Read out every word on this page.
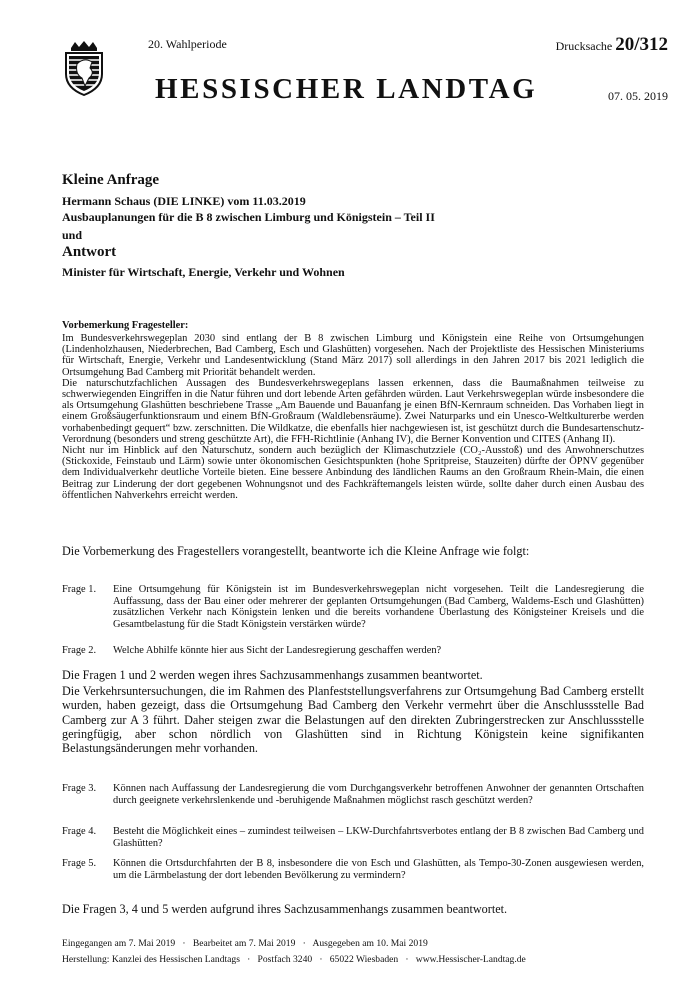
20. Wahlperiode	Drucksache 20/312
HESSISCHER LANDTAG	07. 05. 2019
Kleine Anfrage
Hermann Schaus (DIE LINKE) vom 11.03.2019
Ausbauplanungen für die B 8 zwischen Limburg und Königstein – Teil II
und
Antwort
Minister für Wirtschaft, Energie, Verkehr und Wohnen
Vorbemerkung Fragesteller:

Im Bundesverkehrswegeplan 2030 sind entlang der B 8 zwischen Limburg und Königstein eine Reihe von Ortsumgehungen (Lindenholzhausen, Niederbrechen, Bad Camberg, Esch und Glashütten) vorgesehen. Nach der Projektliste des Hessischen Ministeriums für Wirtschaft, Energie, Verkehr und Landesentwicklung (Stand März 2017) soll allerdings in den Jahren 2017 bis 2021 lediglich die Ortsumgehung Bad Camberg mit Priorität behandelt werden.

Die naturschutzfachlichen Aussagen des Bundesverkehrswegeplans lassen erkennen, dass die Baumaßnahmen teilweise zu schwerwiegenden Eingriffen in die Natur führen und dort lebende Arten gefährden würden. Laut Verkehrswegeplan würde insbesondere die als Ortsumgehung Glashütten beschriebene Trasse „Am Bauende und Bauanfang je einen BfN-Kernraum schneiden. Das Vorhaben liegt in einem Großsäugerfunktionsraum und einem BfN-Großraum (Waldlebensräume). Zwei Naturparks und ein Unesco-Weltkulturerbe werden vorhabenbedingt gequert“ bzw. zerschnitten. Die Wildkatze, die ebenfalls hier nachgewiesen ist, ist geschützt durch die Bundesartenschutz-Verordnung (besonders und streng geschützte Art), die FFH-Richtlinie (Anhang IV), die Berner Konvention und CITES (Anhang II).

Nicht nur im Hinblick auf den Naturschutz, sondern auch bezüglich der Klimaschutzziele (CO₂-Ausstoß) und des Anwohnerschutzes (Stickoxide, Feinstaub und Lärm) sowie unter ökonomischen Gesichtspunkten (hohe Spritpreise, Stauzeiten) dürfte der ÖPNV gegenüber dem Individualverkehr deutliche Vorteile bieten. Eine bessere Anbindung des ländlichen Raums an den Großraum Rhein-Main, die einen Beitrag zur Linderung der dort gegebenen Wohnungsnot und des Fachkräftemangels leisten würde, sollte daher durch einen Ausbau des öffentlichen Nahverkehrs erreicht werden.

Die Vorbemerkung des Fragestellers vorangestellt, beantworte ich die Kleine Anfrage wie folgt:

Frage 1. Eine Ortsumgehung für Königstein ist im Bundesverkehrswegeplan nicht vorgesehen. Teilt die Landesregierung die Auffassung, dass der Bau einer oder mehrerer der geplanten Ortsumgehungen (Bad Camberg, Waldems-Esch und Glashütten) zusätzlichen Verkehr nach Königstein lenken und die bereits vorhandene Überlastung des Königsteiner Kreisels und die Gesamtbelastung für die Stadt Königstein verstärken würde?

Frage 2. Welche Abhilfe könnte hier aus Sicht der Landesregierung geschaffen werden?

Die Fragen 1 und 2 werden wegen ihres Sachzusammenhangs zusammen beantwortet.

Die Verkehrsuntersuchungen, die im Rahmen des Planfeststellungsverfahrens zur Ortsumgehung Bad Camberg erstellt wurden, haben gezeigt, dass die Ortsumgehung Bad Camberg den Verkehr vermehrt über die Anschlussstelle Bad Camberg zur A 3 führt. Daher steigen zwar die Belastungen auf den direkten Zubringerstrecken zur Anschlussstelle geringfügig, aber schon nördlich von Glashütten sind in Richtung Königstein keine signifikanten Belastungsänderungen mehr vorhanden.

Frage 3. Können nach Auffassung der Landesregierung die vom Durchgangsverkehr betroffenen Anwohner der genannten Ortschaften durch geeignete verkehrslenkende und -beruhigende Maßnahmen möglichst rasch geschützt werden?

Frage 4. Besteht die Möglichkeit eines – zumindest teilweisen – LKW-Durchfahrtsverbotes entlang der B 8 zwischen Bad Camberg und Glashütten?

Frage 5. Können die Ortsdurchfahrten der B 8, insbesondere die von Esch und Glashütten, als Tempo-30-Zonen ausgewiesen werden, um die Lärmbelastung der dort lebenden Bevölkerung zu vermindern?

Die Fragen 3, 4 und 5 werden aufgrund ihres Sachzusammenhangs zusammen beantwortet.

Eingegangen am 7. Mai 2019   ·   Bearbeitet am 7. Mai 2019   ·   Ausgegeben am 10. Mai 2019
Herstellung: Kanzlei des Hessischen Landtags   ·   Postfach 3240   ·   65022 Wiesbaden   ·   www.Hessischer-Landtag.de
